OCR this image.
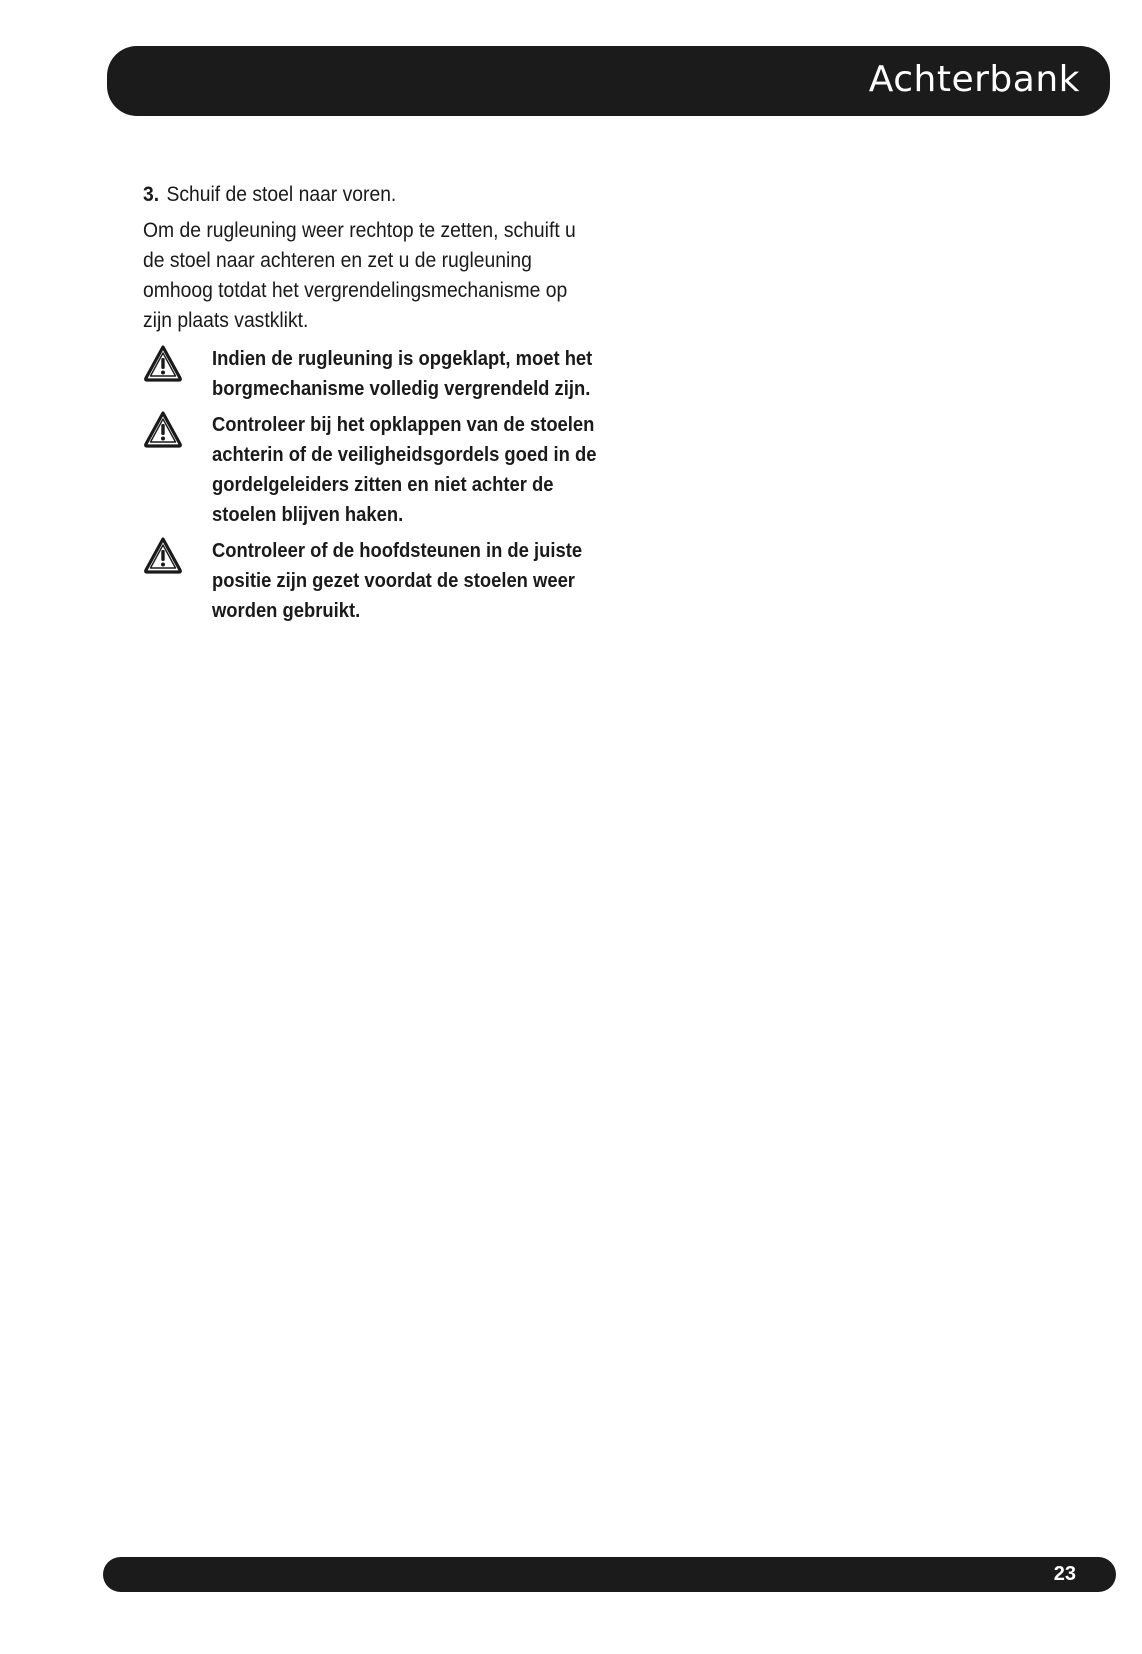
Achterbank

3. Schuif de stoel naar voren.

Om de rugleuning weer rechtop te zetten, schuift u de stoel naar achteren en zet u de rugleuning omhoog totdat het vergrendelingsmechanisme op zijn plaats vastklikt.

Indien de rugleuning is opgeklapt, moet het borgmechanisme volledig vergrendeld zijn.

Controleer bij het opklappen van de stoelen achterin of de veiligheidsgordels goed in de gordelgeleiders zitten en niet achter de stoelen blijven haken.

Controleer of de hoofdsteunen in de juiste positie zijn gezet voordat de stoelen weer worden gebruikt.

23
